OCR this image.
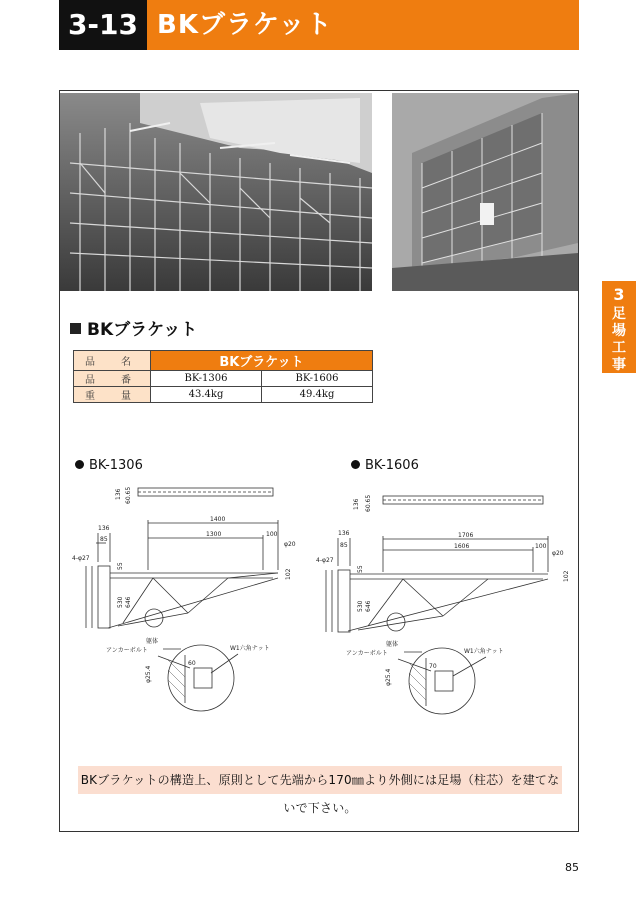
3-13 BKブラケット
3
足場工事
BKブラケット
品　名	BKブラケット	
品　番	BK-1306	BK-1606
重　量	43.4kg	49.4kg
BK-1306	BK-1606
136 60.65
136
85
4-φ27
55
530 646
1400
1300	100
φ20
102
躯体
アンカーボルト	W1六角ナット
60
φ25.4
136 60.65
136
85
4-φ27
55
530 646
1706
1606	100
φ20
102
躯体
アンカーボルト	W1六角ナット
70
φ25.4
BKブラケットの構造上、原則として先端から170㎜より外側には足場（柱芯）を建てないで下さい。
85
